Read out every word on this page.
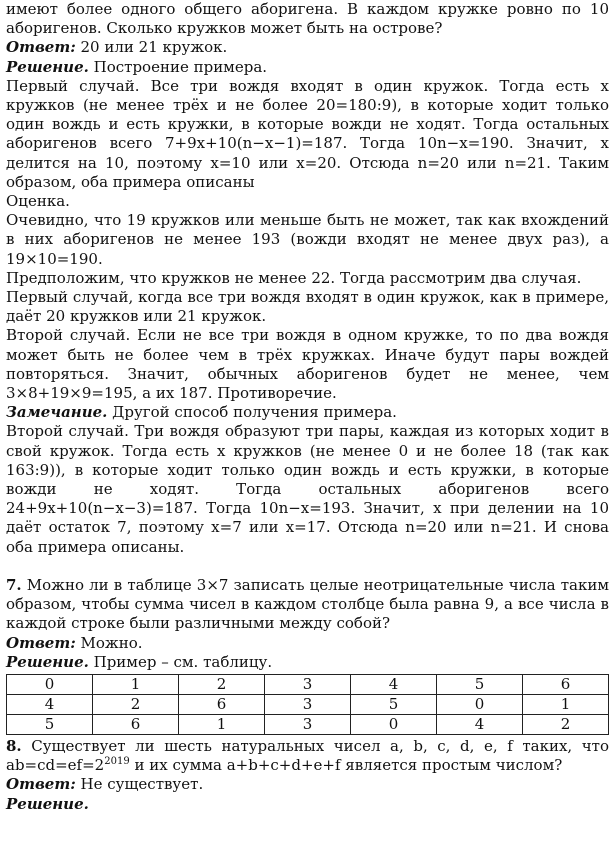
имеют более одного общего аборигена. В каждом кружке ровно по 10 аборигенов. Сколько кружков может быть на острове?

Ответ: 20 или 21 кружок.

Решение. Построение примера.

Первый случай. Все три вождя входят в один кружок. Тогда есть x кружков (не менее трёх и не более 20=180:9), в которые ходит только один вождь и есть кружки, в которые вожди не ходят. Тогда остальных аборигенов всего 7+9x+10(n−x−1)=187. Тогда 10n−x=190. Значит, x делится на 10, поэтому x=10 или x=20. Отсюда n=20 или n=21. Таким образом, оба примера описаны

Оценка.

Очевидно, что 19 кружков или меньше быть не может, так как вхождений в них аборигенов не менее 193 (вожди входят не менее двух раз), а 19×10=190.

Предположим, что кружков не менее 22. Тогда рассмотрим два случая.

Первый случай, когда все три вождя входят в один кружок, как в примере, даёт 20 кружков или 21 кружок.

Второй случай. Если не все три вождя в одном кружке, то по два вождя может быть не более чем в трёх кружках. Иначе будут пары вождей повторяться. Значит, обычных аборигенов будет не менее, чем 3×8+19×9=195, а их 187. Противоречие.

Замечание. Другой способ получения примера.

Второй случай. Три вождя образуют три пары, каждая из которых ходит в свой кружок. Тогда есть x кружков (не менее 0 и не более 18 (так как 163:9)), в которые ходит только один вождь и есть кружки, в которые вожди не ходят. Тогда остальных аборигенов всего 24+9x+10(n−x−3)=187. Тогда 10n−x=193. Значит, x при делении на 10 даёт остаток 7, поэтому x=7 или x=17. Отсюда n=20 или n=21. И снова оба примера описаны.

7. Можно ли в таблице 3×7 записать целые неотрицательные числа таким образом, чтобы сумма чисел в каждом столбце была равна 9, а все числа в каждой строке были различными между собой?

Ответ: Можно.

Решение. Пример – см. таблицу.

0	1	2	3	4	5	6
4	2	6	3	5	0	1
5	6	1	3	0	4	2

8. Существует ли шесть натуральных чисел a, b, c, d, e, f таких, что $ab=cd=ef=2^{2019}$ и их сумма a+b+c+d+e+f является простым числом?

Ответ: Не существует.

Решение.
